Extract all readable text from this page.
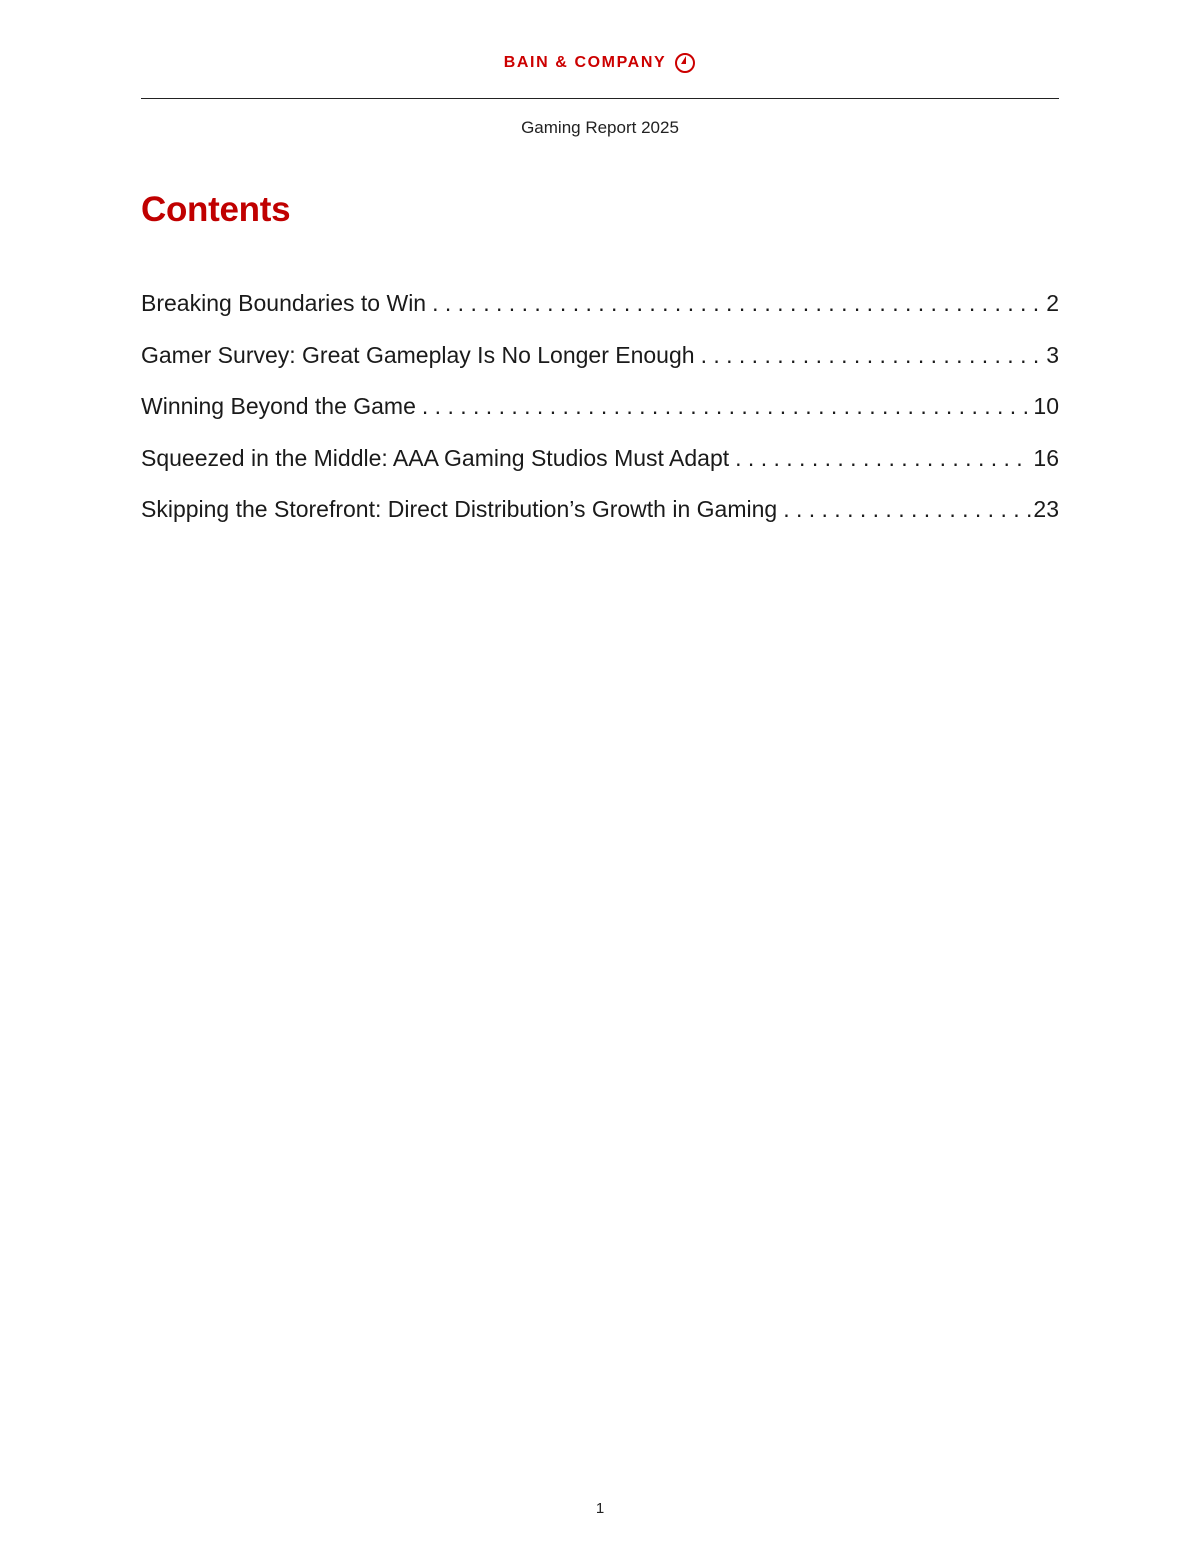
BAIN & COMPANY
Gaming Report 2025
Contents
Breaking Boundaries to Win . . .	2
Gamer Survey: Great Gameplay Is No Longer Enough . . .	3
Winning Beyond the Game . . .	10
Squeezed in the Middle: AAA Gaming Studios Must Adapt . . .	16
Skipping the Storefront: Direct Distribution’s Growth in Gaming . . .	23
1
